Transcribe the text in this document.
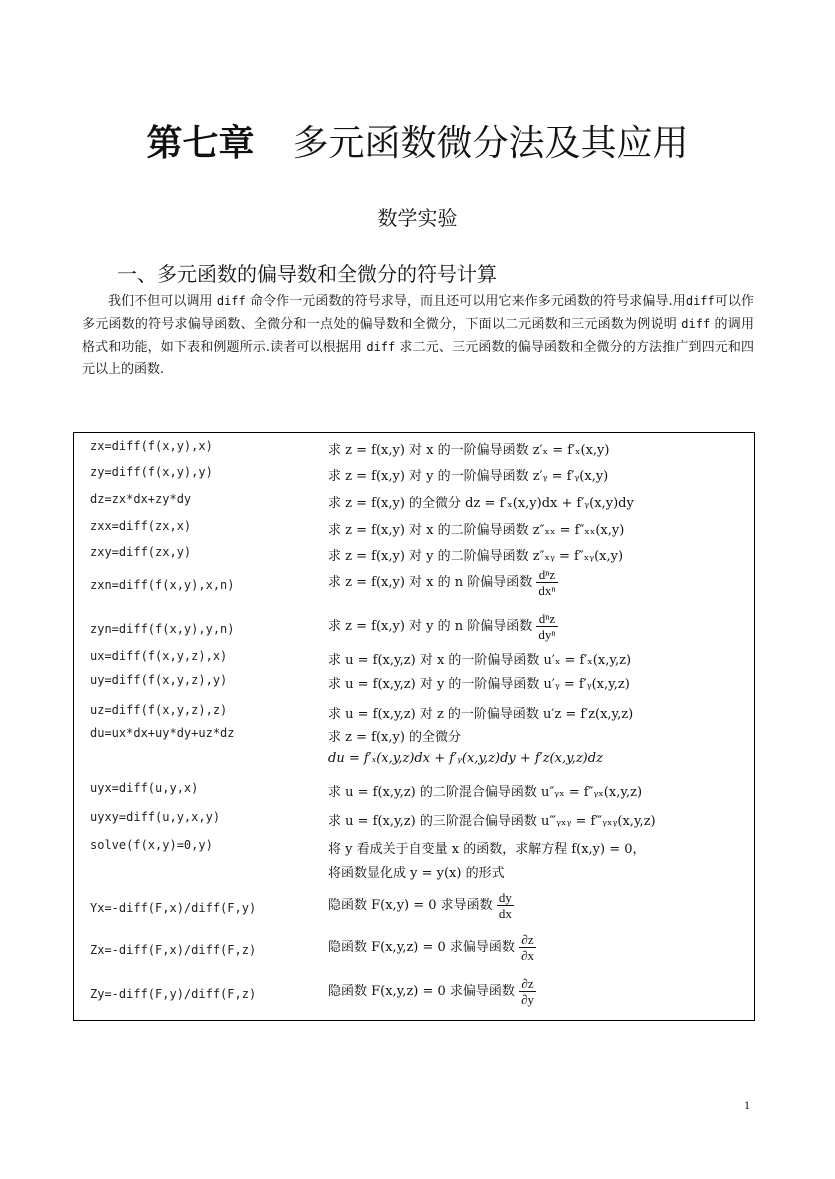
第七章 多元函数微分法及其应用
数学实验
一、多元函数的偏导数和全微分的符号计算
我们不但可以调用 diff 命令作一元函数的符号求导，而且还可以用它来作多元函数的符号求偏导.用diff可以作多元函数的符号求偏导函数、全微分和一点处的偏导数和全微分，下面以二元函数和三元函数为例说明 diff 的调用格式和功能，如下表和例题所示.读者可以根据用 diff 求二元、三元函数的偏导函数和全微分的方法推广到四元和四元以上的函数.
zx=diff(f(x,y),x)	求 z = f(x,y) 对 x 的一阶偏导函数 z′ₓ = f′ₓ(x,y)
zy=diff(f(x,y),y)	求 z = f(x,y) 对 y 的一阶偏导函数 z′ᵧ = f′ᵧ(x,y)
dz=zx*dx+zy*dy	求 z = f(x,y) 的全微分 dz = f′ₓ(x,y)dx + f′ᵧ(x,y)dy
zxx=diff(zx,x)	求 z = f(x,y) 对 x 的二阶偏导函数 z″ₓₓ = f″ₓₓ(x,y)
zxy=diff(zx,y)	求 z = f(x,y) 对 y 的二阶偏导函数 z″ₓᵧ = f″ₓᵧ(x,y)
zxn=diff(f(x,y),x,n)	求 z = f(x,y) 对 x 的 n 阶偏导函数 $\frac{\text{dⁿz}}{\text{dxⁿ}}$
zyn=diff(f(x,y),y,n)	求 z = f(x,y) 对 y 的 n 阶偏导函数 $\frac{\text{dⁿz}}{\text{dyⁿ}}$
ux=diff(f(x,y,z),x)	求 u = f(x,y,z) 对 x 的一阶偏导函数 u′ₓ = f′ₓ(x,y,z)
uy=diff(f(x,y,z),y)	求 u = f(x,y,z) 对 y 的一阶偏导函数 u′ᵧ = f′ᵧ(x,y,z)
uz=diff(f(x,y,z),z)	求 u = f(x,y,z) 对 z 的一阶偏导函数 u′z = f′z(x,y,z)
du=ux*dx+uy*dy+uz*dz	求 z = f(x,y) 的全微分
du = f′ₓ(x,y,z)dx + f′ᵧ(x,y,z)dy + f′z(x,y,z)dz
uyx=diff(u,y,x)	求 u = f(x,y,z) 的二阶混合偏导函数 u″ᵧₓ = f″ᵧₓ(x,y,z)
uyxy=diff(u,y,x,y)	求 u = f(x,y,z) 的三阶混合偏导函数 u‴ᵧₓᵧ = f‴ᵧₓᵧ(x,y,z)
solve(f(x,y)=0,y)	将 y 看成关于自变量 x 的函数，求解方程 f(x,y) = 0，
将函数显化成 y = y(x) 的形式
Yx=-diff(F,x)/diff(F,y)	隐函数 F(x,y) = 0 求导函数 $\frac{dy}{dx}$
Zx=-diff(F,x)/diff(F,z)	隐函数 F(x,y,z) = 0 求偏导函数 $\frac{\partial z}{\partial x}$
Zy=-diff(F,y)/diff(F,z)	隐函数 F(x,y,z) = 0 求偏导函数 $\frac{\partial z}{\partial y}$
1
